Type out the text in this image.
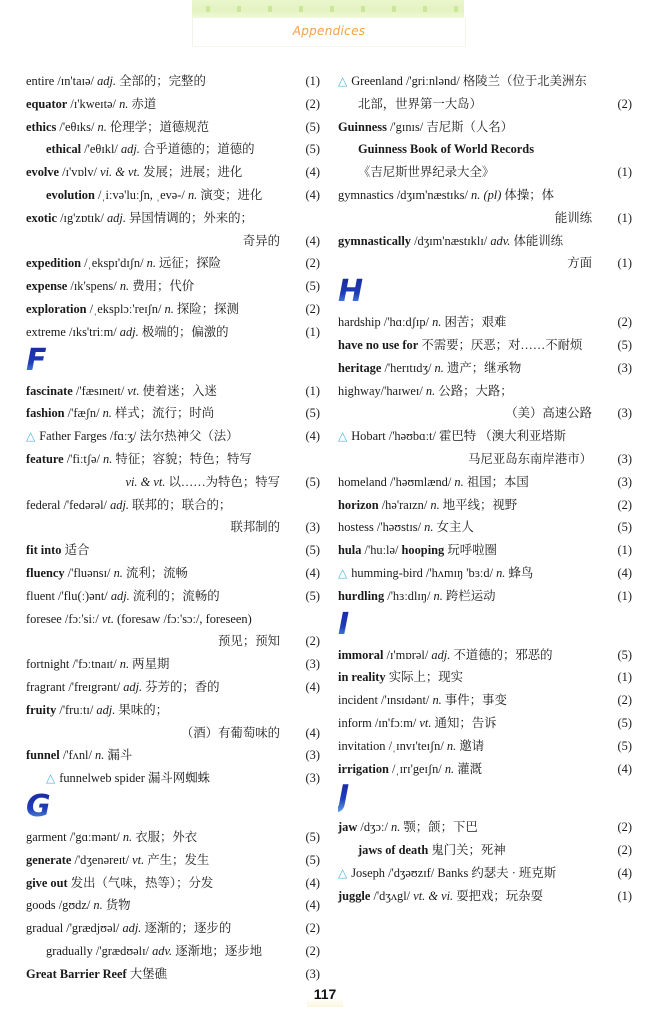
Appendices
entire /ɪn'taɪə/ adj. 全部的；完整的	(1)
equator /ɪ'kweɪtə/ n. 赤道	(2)
ethics /'eθɪks/ n. 伦理学；道德规范	(5)
ethical /'eθɪkl/ adj. 合乎道德的；道德的	(5)
evolve /ɪ'vɒlv/ vi. & vt. 发展；进展；进化	(4)
evolution /ˌiːvə'luːʃn, ˌevə-/ n. 演变；进化	(4)
exotic /ɪg'zɒtɪk/ adj. 异国情调的；外来的；
奇异的 (4)
expedition /ˌekspɪ'dɪʃn/ n. 远征；探险	(2)
expense /ɪk'spens/ n. 费用；代价	(5)
exploration /ˌeksplɔː'reɪʃn/ n. 探险；探测	(2)
extreme /ɪks'triːm/ adj. 极端的；偏激的	(1)
F
fascinate /'fæsɪneɪt/ vt. 使着迷；入迷	(1)
fashion /'fæʃn/ n. 样式；流行；时尚	(5)
△ Father Farges /fɑːʒ/ 法尔热神父（法）	(4)
feature /'fiːtʃə/ n. 特征；容貌；特色；特写
vi. & vt. 以……为特色；特写 (5)
federal /'fedərəl/ adj. 联邦的；联合的；
联邦制的 (3)
fit into 适合	(5)
fluency /'fluənsɪ/ n. 流利；流畅	(4)
fluent /'flu(ː)ənt/ adj. 流利的；流畅的	(5)
foresee /fɔː'siː/ vt. (foresaw /fɔː'sɔː/, foreseen)
预见；预知 (2)
fortnight /'fɔːtnaɪt/ n. 两星期	(3)
fragrant /'freɪgrənt/ adj. 芬芳的；香的	(4)
fruity /'fruːtɪ/ adj. 果味的；
（酒）有葡萄味的 (4)
funnel /'fʌnl/ n. 漏斗	(3)
△ funnelweb spider 漏斗网蜘蛛	(3)
G
garment /'gɑːmənt/ n. 衣服；外衣	(5)
generate /'dʒenəreɪt/ vt. 产生；发生	(5)
give out 发出（气味，热等）；分发	(4)
goods /gʊdz/ n. 货物	(4)
gradual /'grædjʊəl/ adj. 逐渐的；逐步的	(2)
gradually /'grædʊəlɪ/ adv. 逐渐地；逐步地	(2)
Great Barrier Reef 大堡礁	(3)
△ Greenland /'griːnlənd/ 格陵兰（位于北美洲东
北部，世界第一大岛）	(2)
Guinness /'gɪnɪs/ 吉尼斯（人名）
Guinness Book of World Records
《吉尼斯世界纪录大全》	(1)
gymnastics /dʒɪm'næstɪks/ n. (pl) 体操；体
能训练 (1)
gymnastically /dʒɪm'næstɪklɪ/ adv. 体能训练
方面 (1)
H
hardship /'hɑːdʃɪp/ n. 困苦；艰难	(2)
have no use for 不需要；厌恶；对……不耐烦	(5)
heritage /'herɪtɪdʒ/ n. 遗产；继承物	(3)
highway/'haɪweɪ/ n. 公路；大路；
（美）高速公路 (3)
△ Hobart /'həʊbɑːt/ 霍巴特 （澳大利亚塔斯
马尼亚岛东南岸港市） (3)
homeland /'həʊmlænd/ n. 祖国；本国	(3)
horizon /hə'raɪzn/ n. 地平线；视野	(2)
hostess /'həʊstɪs/ n. 女主人	(5)
hula /'huːlə/ hooping 玩呼啦圈	(1)
△ humming-bird /'hʌmɪŋ 'bɜːd/ n. 蜂鸟	(4)
hurdling /'hɜːdlɪŋ/ n. 跨栏运动	(1)
I
immoral /ɪ'mɒrəl/ adj. 不道德的；邪恶的	(5)
in reality 实际上；现实	(1)
incident /'ɪnsɪdənt/ n. 事件；事变	(2)
inform /ɪn'fɔːm/ vt. 通知；告诉	(5)
invitation /ˌɪnvɪ'teɪʃn/ n. 邀请	(5)
irrigation /ˌɪrɪ'geɪʃn/ n. 灌溉	(4)
J
jaw /dʒɔː/ n. 颚；颌；下巴	(2)
jaws of death 鬼门关；死神	(2)
△ Joseph /'dʒəʊzɪf/ Banks 约瑟夫 · 班克斯	(4)
juggle /'dʒʌgl/ vt. & vi. 耍把戏；玩杂耍	(1)
117
